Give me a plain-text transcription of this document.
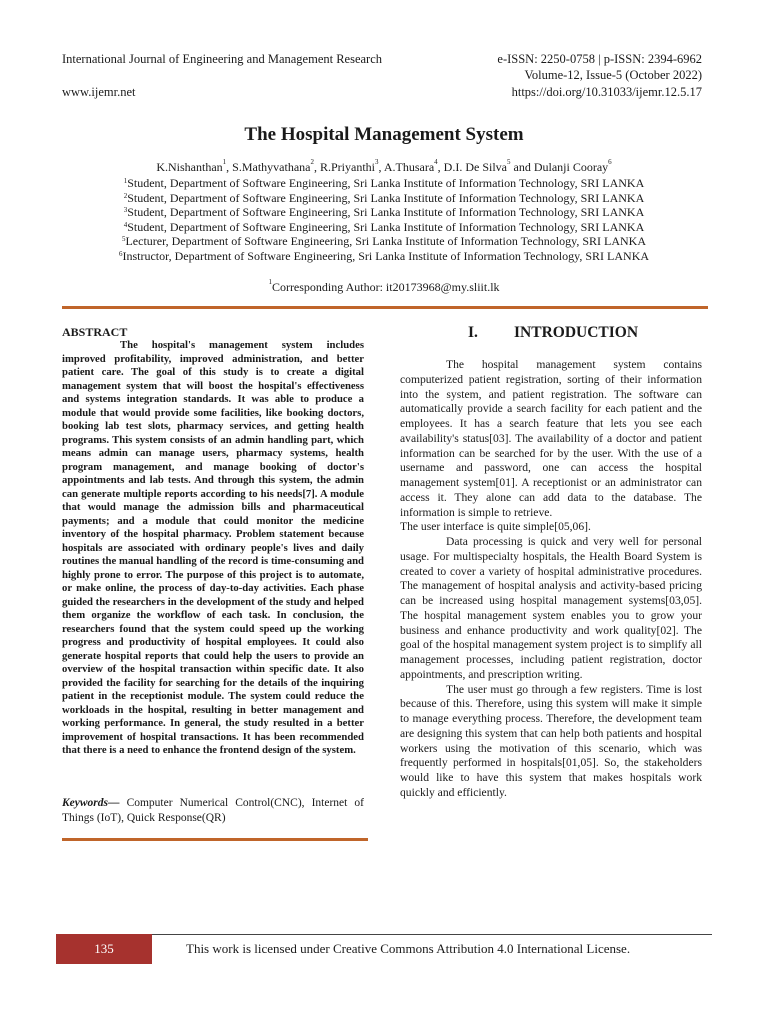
International Journal of Engineering and Management Research	e-ISSN: 2250-0758 | p-ISSN: 2394-6962
Volume-12, Issue-5 (October 2022)
www.ijemr.net	https://doi.org/10.31033/ijemr.12.5.17
The Hospital Management System
K.Nishanthan$^1$, S.Mathyvathana$^2$, R.Priyanthi$^3$, A.Thusara$^4$, D.I. De Silva$^5$ and Dulanji Cooray$^6$
$^1$Student, Department of Software Engineering, Sri Lanka Institute of Information Technology, SRI LANKA
$^2$Student, Department of Software Engineering, Sri Lanka Institute of Information Technology, SRI LANKA
$^3$Student, Department of Software Engineering, Sri Lanka Institute of Information Technology, SRI LANKA
$^4$Student, Department of Software Engineering, Sri Lanka Institute of Information Technology, SRI LANKA
$^5$Lecturer, Department of Software Engineering, Sri Lanka Institute of Information Technology, SRI LANKA
$^6$Instructor, Department of Software Engineering, Sri Lanka Institute of Information Technology, SRI LANKA
$^1$Corresponding Author: it20173968@my.sliit.lk
ABSTRACT

The hospital's management system includes improved profitability, improved administration, and better patient care. The goal of this study is to create a digital management system that will boost the hospital's effectiveness and systems integration standards. It was able to produce a module that would provide some facilities, like booking doctors, booking lab test slots, pharmacy services, and getting health programs. This system consists of an admin handling part, which means admin can manage users, pharmacy systems, health program management, and manage booking of doctor's appointments and lab tests. And through this system, the admin can generate multiple reports according to his needs[7]. A module that would manage the admission bills and pharmaceutical payments; and a module that could monitor the medicine inventory of the hospital pharmacy. Problem statement because hospitals are associated with ordinary people's lives and daily routines the manual handling of the record is time-consuming and highly prone to error. The purpose of this project is to automate, or make online, the process of day-to-day activities. Each phase guided the researchers in the development of the study and helped them organize the workflow of each task. In conclusion, the researchers found that the system could speed up the working progress and productivity of hospital employees. It could also generate hospital reports that could help the users to provide an overview of the hospital transaction within specific date. It also provided the facility for searching for the details of the inquiring patient in the receptionist module. The system could reduce the workloads in the hospital, resulting in better management and working performance. In general, the study resulted in a better improvement of hospital transactions. It has been recommended that there is a need to enhance the frontend design of the system.

Keywords— Computer Numerical Control(CNC), Internet of Things (IoT), Quick Response(QR)
I. INTRODUCTION

The hospital management system contains computerized patient registration, sorting of their information into the system, and patient registration. The software can automatically provide a search facility for each patient and the employees. It has a search feature that lets you see each availability's status[03]. The availability of a doctor and patient information can be searched for by the user. With the use of a username and password, one can access the hospital management system[01]. A receptionist or an administrator can access it. They alone can add data to the database. The information is simple to retrieve.

The user interface is quite simple[05,06].

Data processing is quick and very well for personal usage. For multispecialty hospitals, the Health Board System is created to cover a variety of hospital administrative procedures. The management of hospital analysis and activity-based pricing can be increased using hospital management systems[03,05]. The hospital management system enables you to grow your business and enhance productivity and work quality[02]. The goal of the hospital management system project is to simplify all management processes, including patient registration, doctor appointments, and prescription writing.

The user must go through a few registers. Time is lost because of this. Therefore, using this system will make it simple to manage everything process. Therefore, the development team are designing this system that can help both patients and hospital workers using the motivation of this scenario, which was frequently performed in hospitals[01,05]. So, the stakeholders would like to have this system that makes hospitals work quickly and efficiently.

135	This work is licensed under Creative Commons Attribution 4.0 International License.
